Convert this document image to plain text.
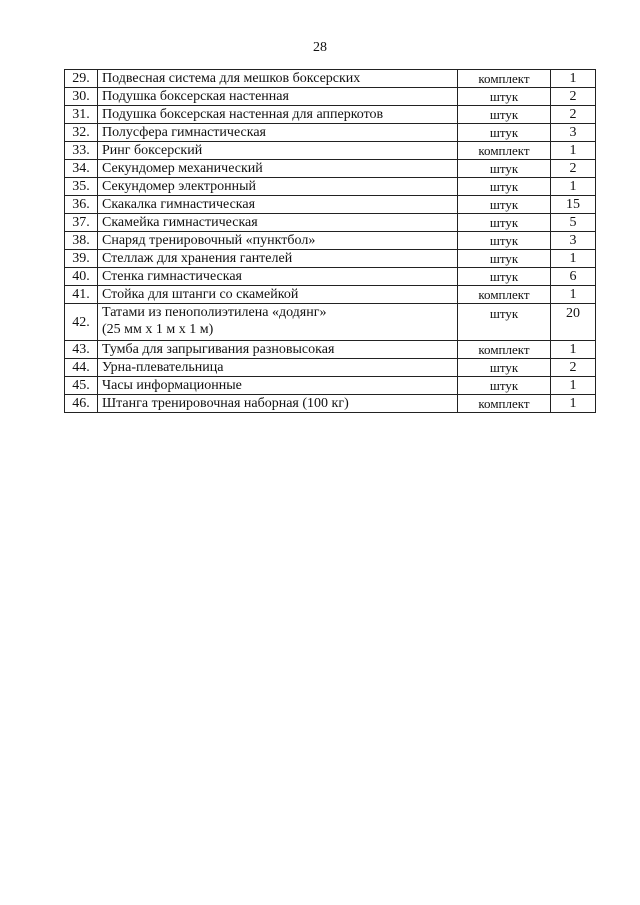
28
29.	Подвесная система для мешков боксерских	комплект	1
30.	Подушка боксерская настенная	штук	2
31.	Подушка боксерская настенная для апперкотов	штук	2
32.	Полусфера гимнастическая	штук	3
33.	Ринг боксерский	комплект	1
34.	Секундомер механический	штук	2
35.	Секундомер электронный	штук	1
36.	Скакалка гимнастическая	штук	15
37.	Скамейка гимнастическая	штук	5
38.	Снаряд тренировочный «пунктбол»	штук	3
39.	Стеллаж для хранения гантелей	штук	1
40.	Стенка гимнастическая	штук	6
41.	Стойка для штанги со скамейкой	комплект	1
42.	Татами из пенополиэтилена «додянг»
(25 мм х 1 м х 1 м)	штук	20
43.	Тумба для запрыгивания разновысокая	комплект	1
44.	Урна-плевательница	штук	2
45.	Часы информационные	штук	1
46.	Штанга тренировочная наборная (100 кг)	комплект	1
